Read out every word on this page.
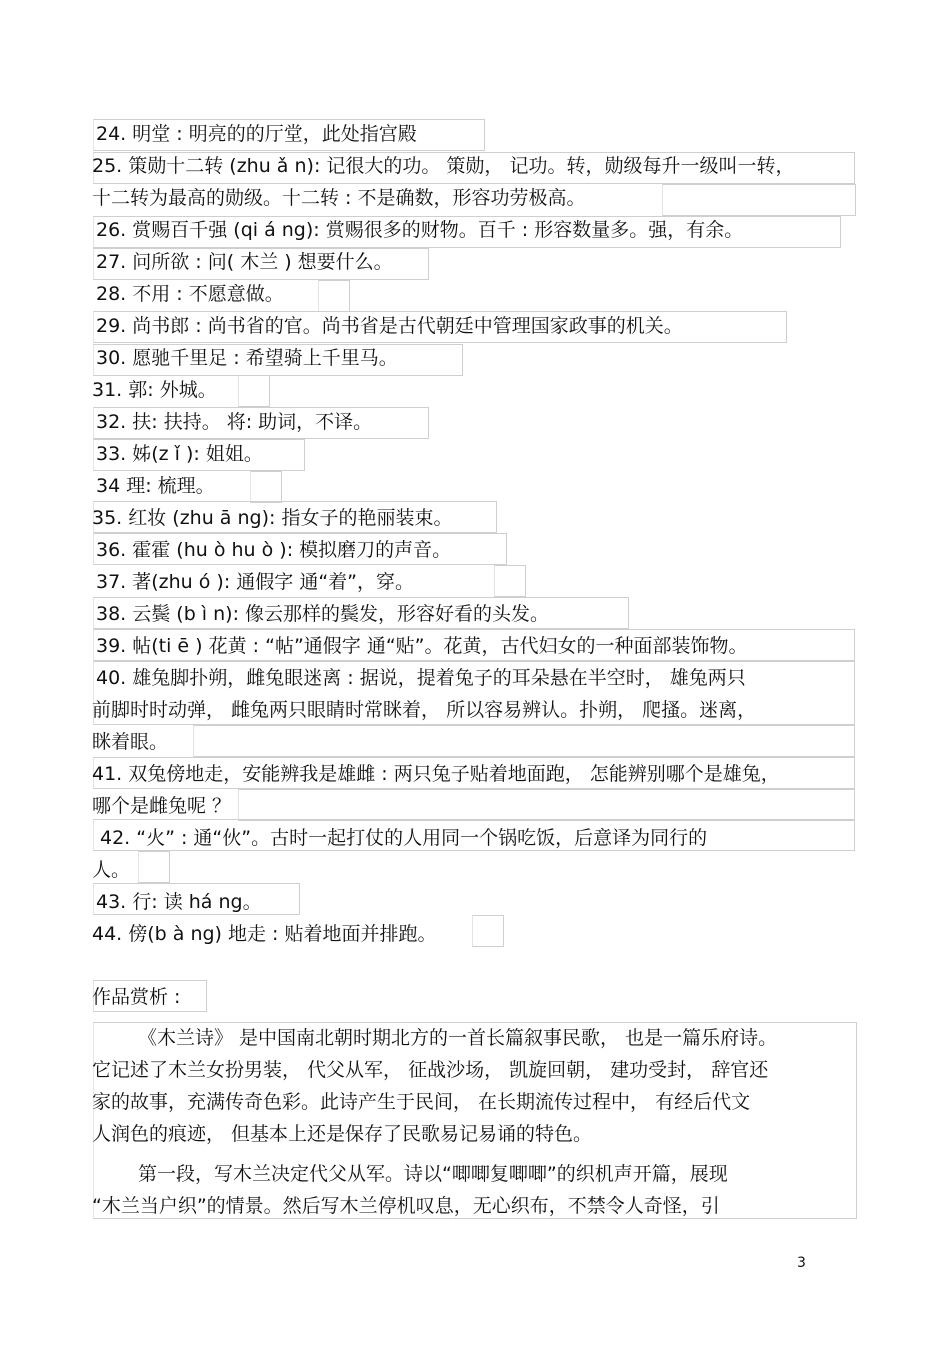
24. 明堂 : 明亮的的厅堂，此处指宫殿
25. 策勋十二转 (zhu ǎ n): 记很大的功。 策勋， 记功。转，勋级每升一级叫一转，
十二转为最高的勋级。十二转 : 不是确数，形容功劳极高。
26. 赏赐百千强 (qi á ng): 赏赐很多的财物。百千 : 形容数量多。强，有余。
27. 问所欲 : 问( 木兰 ) 想要什么。
28. 不用 : 不愿意做。
29. 尚书郎 : 尚书省的官。尚书省是古代朝廷中管理国家政事的机关。
30. 愿驰千里足 : 希望骑上千里马。
31. 郭: 外城。
32. 扶: 扶持。 将: 助词，不译。
33. 姊(z ǐ ): 姐姐。
34 理: 梳理。
35. 红妆 (zhu ā ng): 指女子的艳丽装束。
36. 霍霍 (hu ò hu ò ): 模拟磨刀的声音。
37. 著(zhu ó ): 通假字 通“着”，穿。
38. 云鬓 (b ì n): 像云那样的鬓发，形容好看的头发。
39. 帖(ti ē ) 花黄 : “帖”通假字 通“贴”。花黄，古代妇女的一种面部装饰物。
40. 雄兔脚扑朔，雌兔眼迷离 : 据说，提着兔子的耳朵悬在半空时， 雄兔两只
前脚时时动弹， 雌兔两只眼睛时常眯着， 所以容易辨认。扑朔， 爬搔。迷离，
眯着眼。
41. 双兔傍地走，安能辨我是雄雌 : 两只兔子贴着地面跑， 怎能辨别哪个是雄兔，
哪个是雌兔呢 ？
42. “火” : 通“伙”。古时一起打仗的人用同一个锅吃饭，后意译为同行的
人。
43. 行: 读 há ng。
44. 傍(b à ng) 地走 : 贴着地面并排跑。
作品赏析 :
《木兰诗》 是中国南北朝时期北方的一首长篇叙事民歌， 也是一篇乐府诗。
它记述了木兰女扮男装， 代父从军， 征战沙场， 凯旋回朝， 建功受封， 辞官还
家的故事，充满传奇色彩。此诗产生于民间， 在长期流传过程中， 有经后代文
人润色的痕迹， 但基本上还是保存了民歌易记易诵的特色。
第一段，写木兰决定代父从军。诗以“唧唧复唧唧”的织机声开篇，展现
“木兰当户织”的情景。然后写木兰停机叹息，无心织布，不禁令人奇怪，引
3
